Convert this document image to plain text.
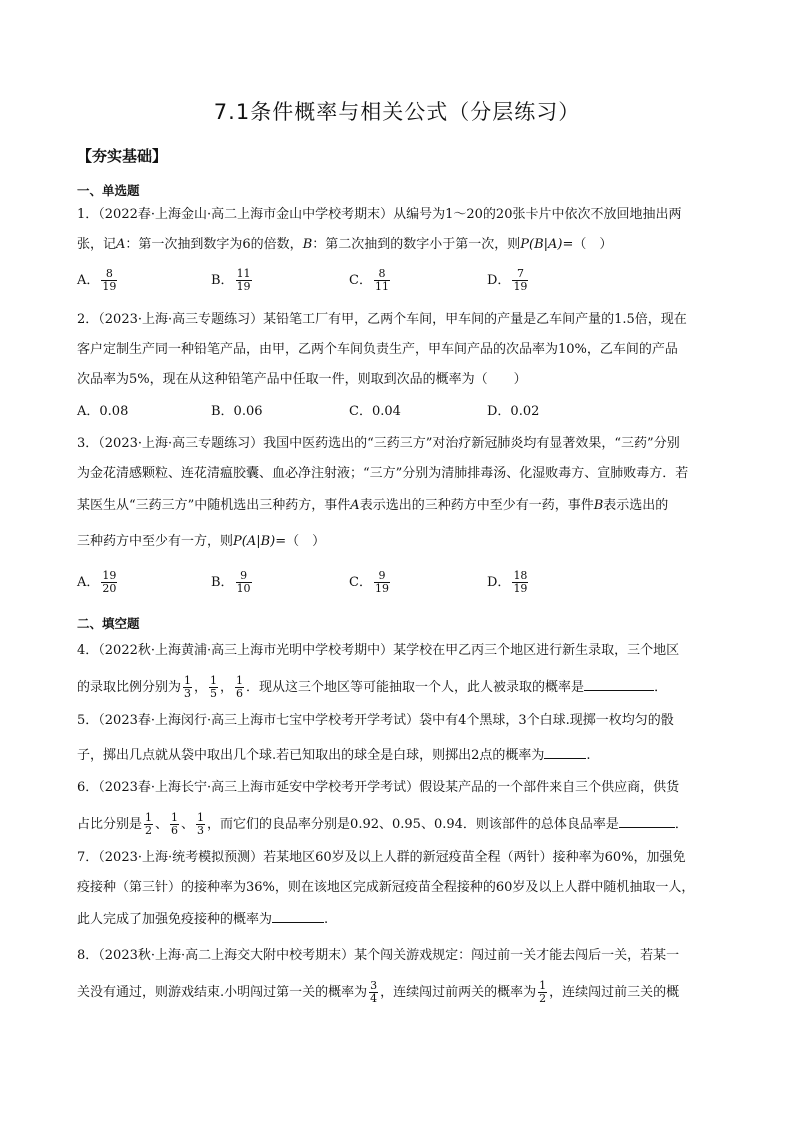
7.1条件概率与相关公式（分层练习）
【夯实基础】
一、单选题
1．（2022春·上海金山·高二上海市金山中学校考期末）从编号为1～20的20张卡片中依次不放回地抽出两
张，记A：第一次抽到数字为6的倍数，B：第二次抽到的数字小于第一次，则P(B|A)=（　）
A． $\frac{8}{19}$	B． $\frac{11}{19}$	C． $\frac{8}{11}$	D． $\frac{7}{19}$
2．（2023·上海·高三专题练习）某铅笔工厂有甲，乙两个车间，甲车间的产量是乙车间产量的1.5倍，现在
客户定制生产同一种铅笔产品，由甲，乙两个车间负责生产，甲车间产品的次品率为10%，乙车间的产品
次品率为5%，现在从这种铅笔产品中任取一件，则取到次品的概率为（　　）
A．0.08	B．0.06	C．0.04	D．0.02
3．（2023·上海·高三专题练习）我国中医药选出的“三药三方”对治疗新冠肺炎均有显著效果，“三药”分别
为金花清感颗粒、连花清瘟胶囊、血必净注射液；“三方”分别为清肺排毒汤、化湿败毒方、宣肺败毒方．若
某医生从“三药三方”中随机选出三种药方，事件A表示选出的三种药方中至少有一药，事件B表示选出的
三种药方中至少有一方，则P(A|B)=（　）
A． $\frac{19}{20}$	B． $\frac{9}{10}$	C． $\frac{9}{19}$	D． $\frac{18}{19}$
二、填空题
4．（2022秋·上海黄浦·高三上海市光明中学校考期中）某学校在甲乙丙三个地区进行新生录取，三个地区
的录取比例分别为 $\frac{1}{3}$ ， $\frac{1}{5}$ ， $\frac{1}{6}$ ．现从这三个地区等可能抽取一个人，此人被录取的概率是	．
5．（2023春·上海闵行·高三上海市七宝中学校考开学考试）袋中有4个黑球，3个白球.现掷一枚均匀的骰
子，掷出几点就从袋中取出几个球.若已知取出的球全是白球，则掷出2点的概率为	.
6．（2023春·上海长宁·高三上海市延安中学校考开学考试）假设某产品的一个部件来自三个供应商，供货
占比分别是 $\frac{1}{2}$ 、 $\frac{1}{6}$ 、 $\frac{1}{3}$ ，而它们的良品率分别是0.92、0.95、0.94．则该部件的总体良品率是	．
7．（2023·上海·统考模拟预测）若某地区60岁及以上人群的新冠疫苗全程（两针）接种率为60%，加强免
疫接种（第三针）的接种率为36%，则在该地区完成新冠疫苗全程接种的60岁及以上人群中随机抽取一人，
此人完成了加强免疫接种的概率为	.
8．（2023秋·上海·高二上海交大附中校考期末）某个闯关游戏规定：闯过前一关才能去闯后一关，若某一
关没有通过，则游戏结束.小明闯过第一关的概率为 $\frac{3}{4}$ ，连续闯过前两关的概率为 $\frac{1}{2}$ ，连续闯过前三关的概
